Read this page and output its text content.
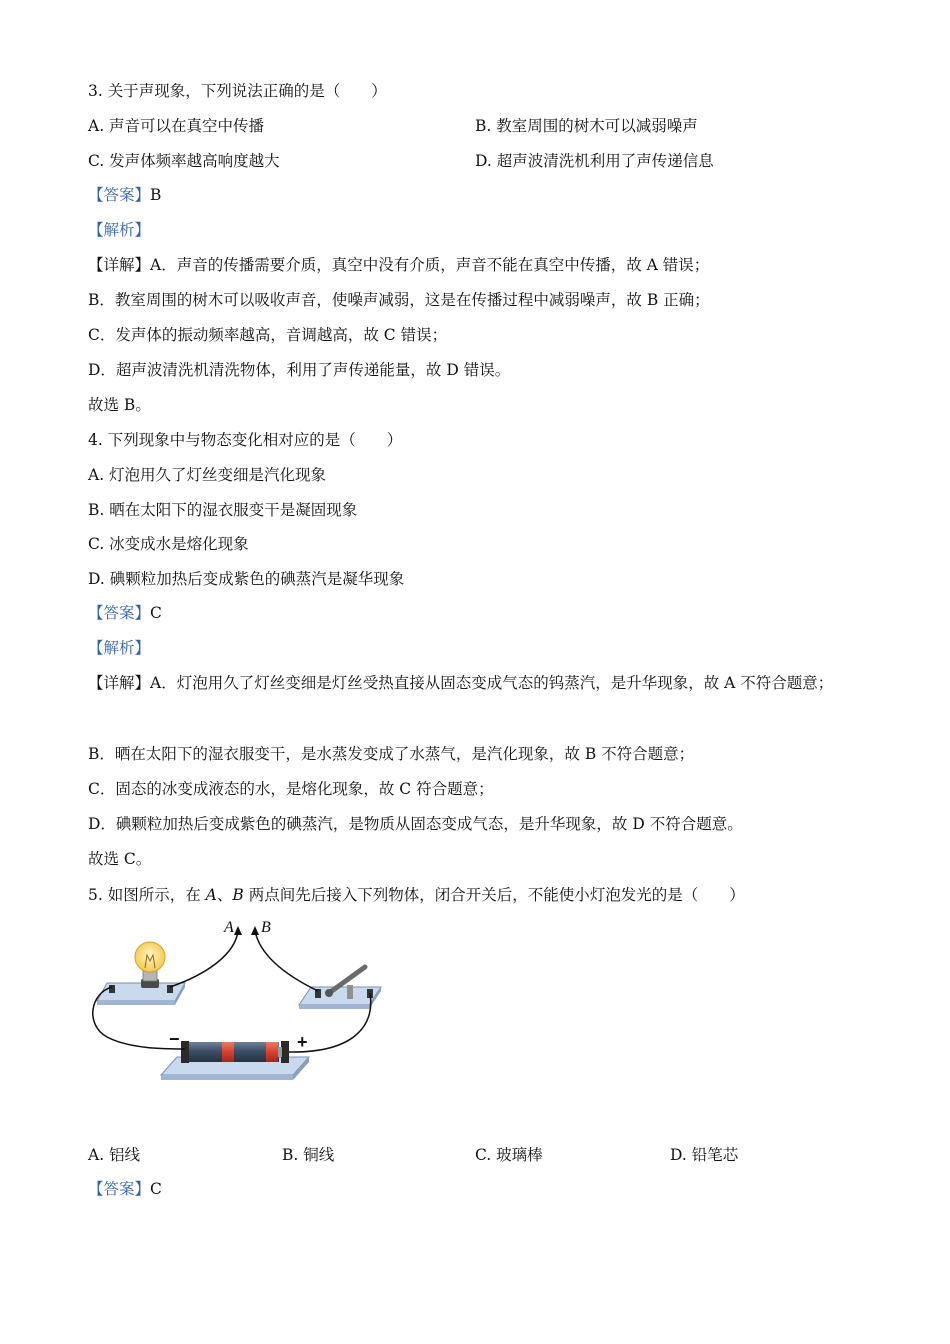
3. 关于声现象，下列说法正确的是（　　）
A. 声音可以在真空中传播	B. 教室周围的树木可以减弱噪声
C. 发声体频率越高响度越大	D. 超声波清洗机利用了声传递信息
【答案】B
【解析】
【详解】A．声音的传播需要介质，真空中没有介质，声音不能在真空中传播，故 A 错误；
B．教室周围的树木可以吸收声音，使噪声减弱，这是在传播过程中减弱噪声，故 B 正确；
C．发声体的振动频率越高，音调越高，故 C 错误；
D．超声波清洗机清洗物体，利用了声传递能量，故 D 错误。
故选 B。
4. 下列现象中与物态变化相对应的是（　　）
A. 灯泡用久了灯丝变细是汽化现象
B. 晒在太阳下的湿衣服变干是凝固现象
C. 冰变成水是熔化现象
D. 碘颗粒加热后变成紫色的碘蒸汽是凝华现象
【答案】C
【解析】
【详解】A．灯泡用久了灯丝变细是灯丝受热直接从固态变成气态的钨蒸汽，是升华现象，故 A 不符合题意；
B．晒在太阳下的湿衣服变干，是水蒸发变成了水蒸气，是汽化现象，故 B 不符合题意；
C．固态的冰变成液态的水，是熔化现象，故 C 符合题意；
D．碘颗粒加热后变成紫色的碘蒸汽，是物质从固态变成气态，是升华现象，故 D 不符合题意。
故选 C。
5. 如图所示，在 A、B 两点间先后接入下列物体，闭合开关后，不能使小灯泡发光的是（　　）
−	+
A B
A. 铝线	B. 铜线	C. 玻璃棒	D. 铅笔芯
【答案】C
